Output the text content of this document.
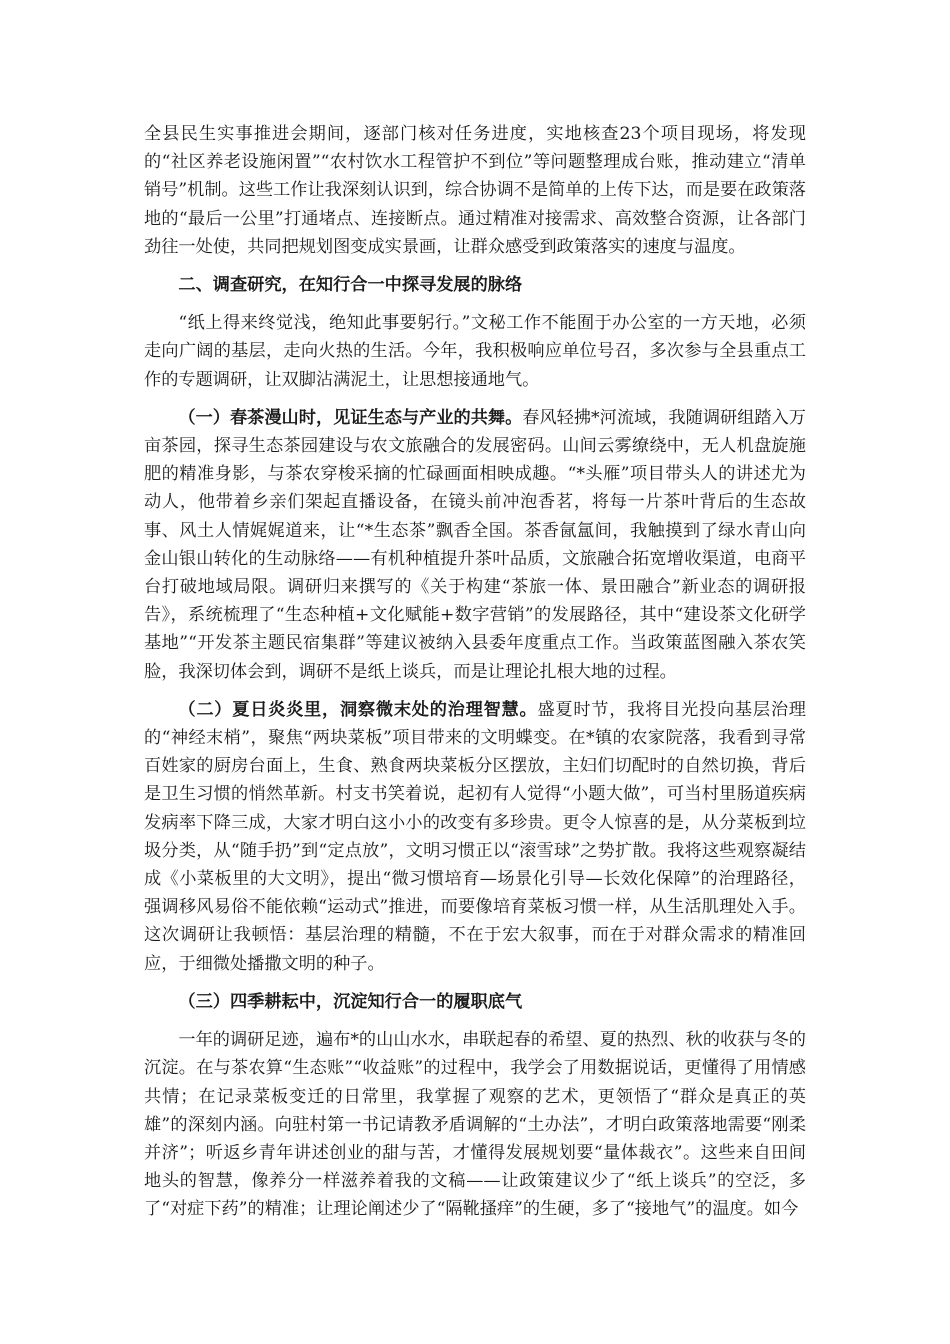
全县民生实事推进会期间，逐部门核对任务进度，实地核查23个项目现场，将发现的“社区养老设施闲置”“农村饮水工程管护不到位”等问题整理成台账，推动建立“清单销号”机制。这些工作让我深刻认识到，综合协调不是简单的上传下达，而是要在政策落地的“最后一公里”打通堵点、连接断点。通过精准对接需求、高效整合资源，让各部门劲往一处使，共同把规划图变成实景画，让群众感受到政策落实的速度与温度。

二、调查研究，在知行合一中探寻发展的脉络

“纸上得来终觉浅，绝知此事要躬行。”文秘工作不能囿于办公室的一方天地，必须走向广阔的基层，走向火热的生活。今年，我积极响应单位号召，多次参与全县重点工作的专题调研，让双脚沾满泥土，让思想接通地气。

（一）春茶漫山时，见证生态与产业的共舞。春风轻拂*河流域，我随调研组踏入万亩茶园，探寻生态茶园建设与农文旅融合的发展密码。山间云雾缭绕中，无人机盘旋施肥的精准身影，与茶农穿梭采摘的忙碌画面相映成趣。“*头雁”项目带头人的讲述尤为动人，他带着乡亲们架起直播设备，在镜头前冲泡香茗，将每一片茶叶背后的生态故事、风土人情娓娓道来，让“*生态茶”飘香全国。茶香氤氲间，我触摸到了绿水青山向金山银山转化的生动脉络——有机种植提升茶叶品质，文旅融合拓宽增收渠道，电商平台打破地域局限。调研归来撰写的《关于构建“茶旅一体、景田融合”新业态的调研报告》，系统梳理了“生态种植+文化赋能+数字营销”的发展路径，其中“建设茶文化研学基地”“开发茶主题民宿集群”等建议被纳入县委年度重点工作。当政策蓝图融入茶农笑脸，我深切体会到，调研不是纸上谈兵，而是让理论扎根大地的过程。

（二）夏日炎炎里，洞察微末处的治理智慧。盛夏时节，我将目光投向基层治理的“神经末梢”，聚焦“两块菜板”项目带来的文明蝶变。在*镇的农家院落，我看到寻常百姓家的厨房台面上，生食、熟食两块菜板分区摆放，主妇们切配时的自然切换，背后是卫生习惯的悄然革新。村支书笑着说，起初有人觉得“小题大做”，可当村里肠道疾病发病率下降三成，大家才明白这小小的改变有多珍贵。更令人惊喜的是，从分菜板到垃圾分类，从“随手扔”到“定点放”，文明习惯正以“滚雪球”之势扩散。我将这些观察凝结成《小菜板里的大文明》，提出“微习惯培育—场景化引导—长效化保障”的治理路径，强调移风易俗不能依赖“运动式”推进，而要像培育菜板习惯一样，从生活肌理处入手。这次调研让我顿悟：基层治理的精髓，不在于宏大叙事，而在于对群众需求的精准回应，于细微处播撒文明的种子。

（三）四季耕耘中，沉淀知行合一的履职底气

一年的调研足迹，遍布*的山山水水，串联起春的希望、夏的热烈、秋的收获与冬的沉淀。在与茶农算“生态账”“收益账”的过程中，我学会了用数据说话，更懂得了用情感共情；在记录菜板变迁的日常里，我掌握了观察的艺术，更领悟了“群众是真正的英雄”的深刻内涵。向驻村第一书记请教矛盾调解的“土办法”，才明白政策落地需要“刚柔并济”；听返乡青年讲述创业的甜与苦，才懂得发展规划要“量体裁衣”。这些来自田间地头的智慧，像养分一样滋养着我的文稿——让政策建议少了“纸上谈兵”的空泛，多了“对症下药”的精准；让理论阐述少了“隔靴搔痒”的生硬，多了“接地气”的温度。如今
